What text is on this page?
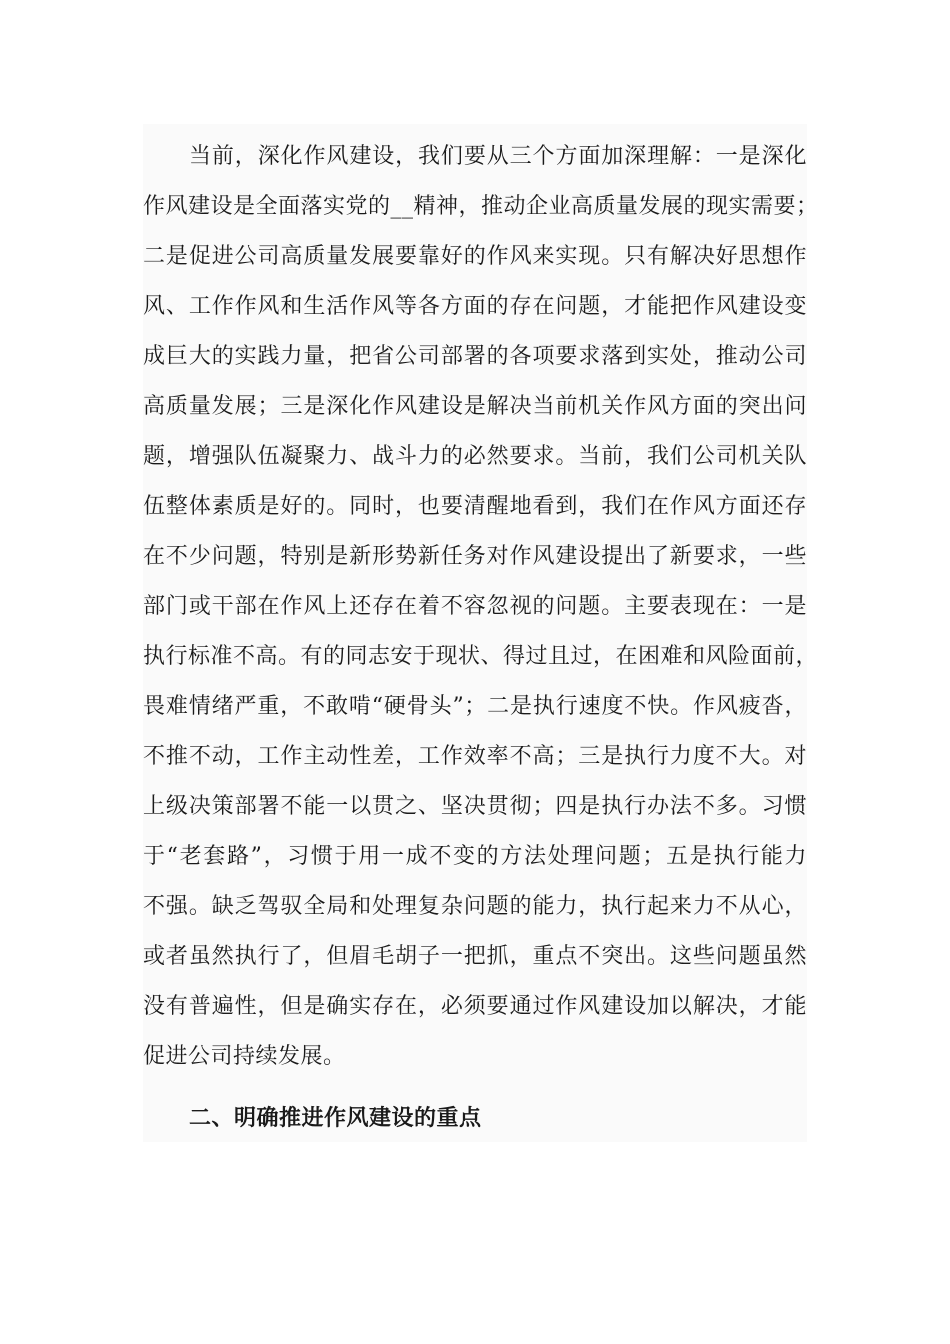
当前，深化作风建设，我们要从三个方面加深理解：一是深化
作风建设是全面落实党的__精神，推动企业高质量发展的现实需要；
二是促进公司高质量发展要靠好的作风来实现。只有解决好思想作
风、工作作风和生活作风等各方面的存在问题，才能把作风建设变
成巨大的实践力量，把省公司部署的各项要求落到实处，推动公司
高质量发展；三是深化作风建设是解决当前机关作风方面的突出问
题，增强队伍凝聚力、战斗力的必然要求。当前，我们公司机关队
伍整体素质是好的。同时，也要清醒地看到，我们在作风方面还存
在不少问题，特别是新形势新任务对作风建设提出了新要求，一些
部门或干部在作风上还存在着不容忽视的问题。主要表现在：一是
执行标准不高。有的同志安于现状、得过且过，在困难和风险面前，
畏难情绪严重，不敢啃“硬骨头”；二是执行速度不快。作风疲沓，
不推不动，工作主动性差，工作效率不高；三是执行力度不大。对
上级决策部署不能一以贯之、坚决贯彻；四是执行办法不多。习惯
于“老套路”，习惯于用一成不变的方法处理问题；五是执行能力
不强。缺乏驾驭全局和处理复杂问题的能力，执行起来力不从心，
或者虽然执行了，但眉毛胡子一把抓，重点不突出。这些问题虽然
没有普遍性，但是确实存在，必须要通过作风建设加以解决，才能
促进公司持续发展。
二、明确推进作风建设的重点
